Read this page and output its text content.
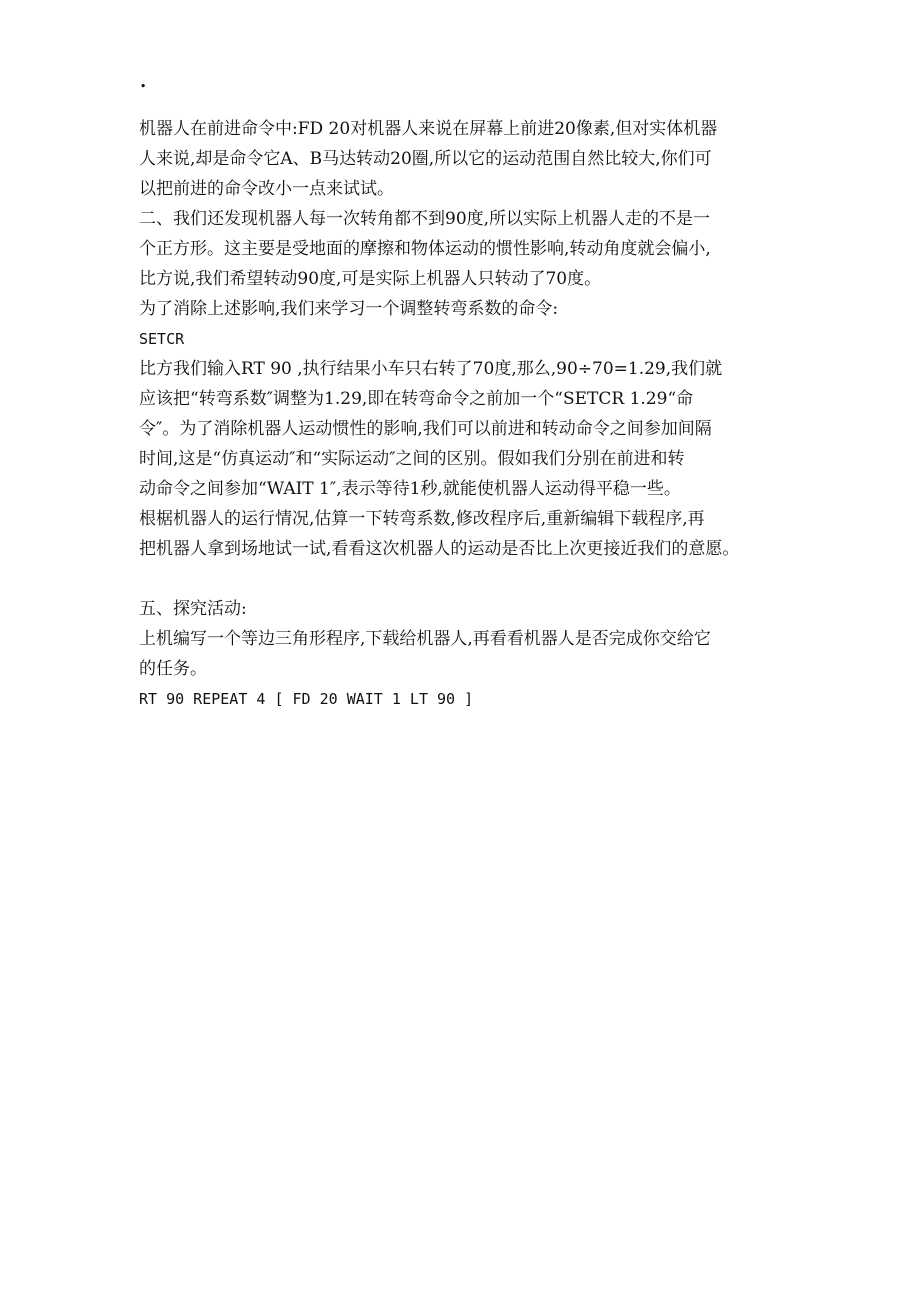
.

机器人在前进命令中:FD 20对机器人来说在屏幕上前进20像素,但对实体机器

人来说,却是命令它A、B马达转动20圈,所以它的运动范围自然比较大,你们可

以把前进的命令改小一点来试试。

二、我们还发现机器人每一次转角都不到90度,所以实际上机器人走的不是一

个正方形。这主要是受地面的摩擦和物体运动的惯性影响,转动角度就会偏小,

比方说,我们希望转动90度,可是实际上机器人只转动了70度。

为了消除上述影响,我们来学习一个调整转弯系数的命令:

SETCR

比方我们输入RT 90 ,执行结果小车只右转了70度,那么,90÷70=1.29,我们就

应该把“转弯系数″调整为1.29,即在转弯命令之前加一个“SETCR 1.29“命

令″。为了消除机器人运动惯性的影响,我们可以前进和转动命令之间参加间隔

时间,这是“仿真运动″和“实际运动″之间的区别。假如我们分别在前进和转

动命令之间参加“WAIT 1″,表示等待1秒,就能使机器人运动得平稳一些。

根椐机器人的运行情况,估算一下转弯系数,修改程序后,重新编辑下载程序,再

把机器人拿到场地试一试,看看这次机器人的运动是否比上次更接近我们的意愿。

五、探究活动:

上机编写一个等边三角形程序,下载给机器人,再看看机器人是否完成你交给它

的任务。

RT 90 REPEAT 4 [ FD 20 WAIT 1 LT 90 ]
